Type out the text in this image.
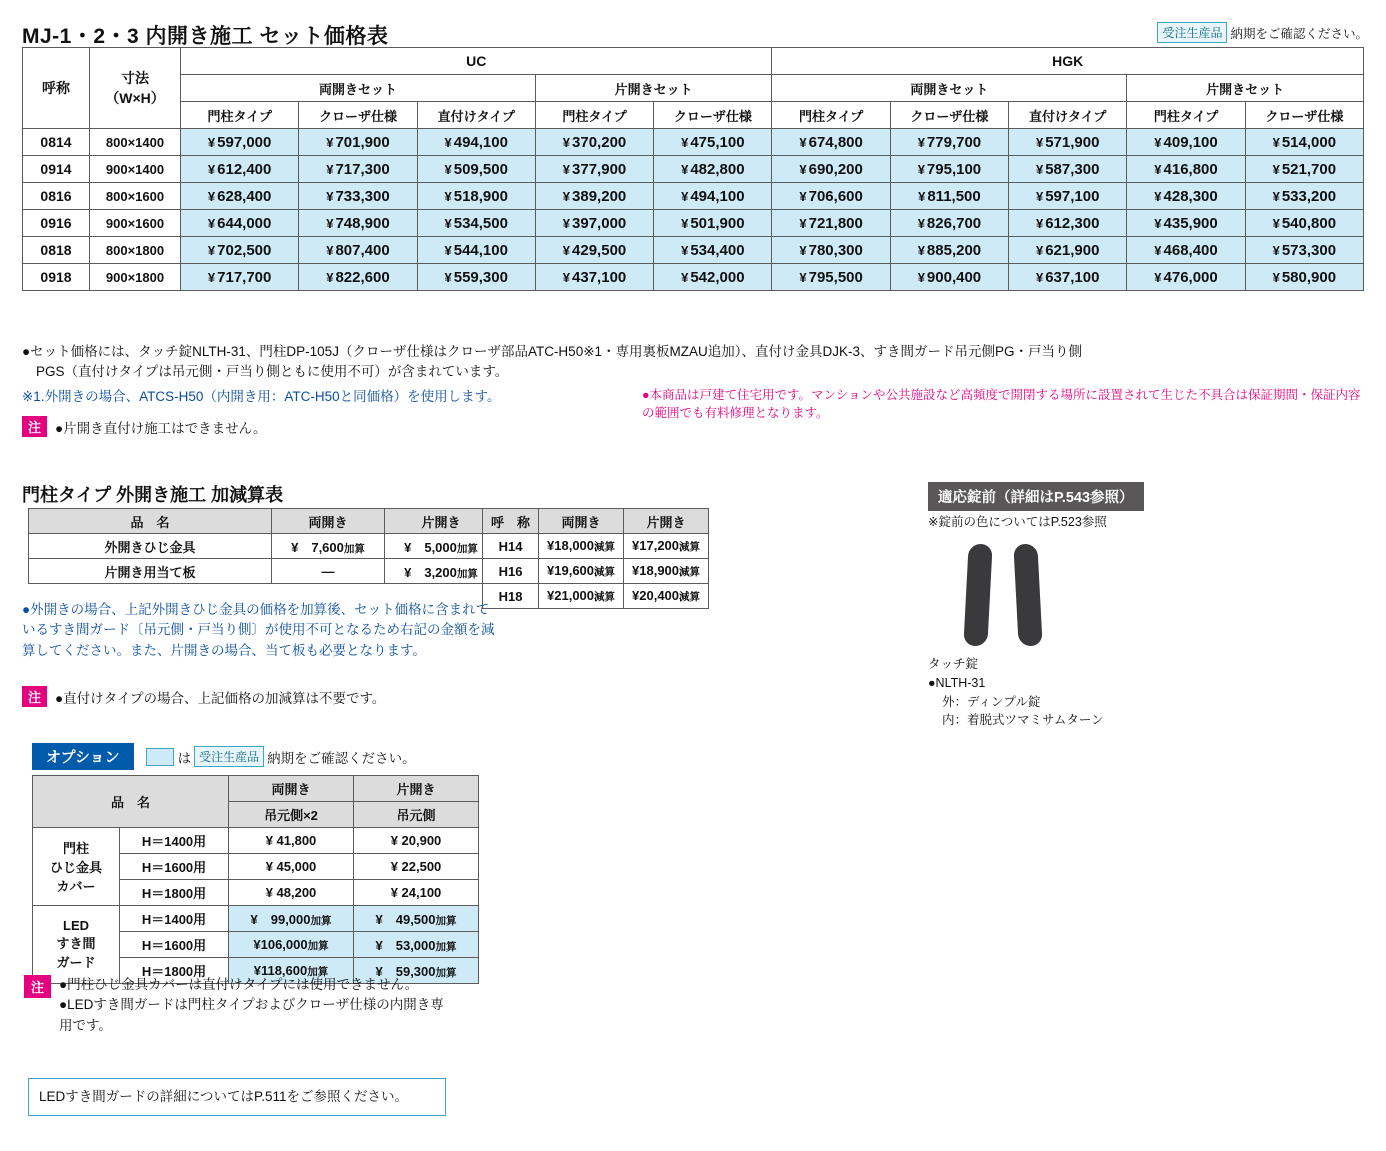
MJ-1・2・3 内開き施工 セット価格表	受注生産品 納期をご確認ください。
呼称	寸法
（W×H）	UC					HGK				
		両開きセット			片開きセット		両開きセット			片開きセット	
		門柱タイプ	クローザ仕様	直付けタイプ	門柱タイプ	クローザ仕様	門柱タイプ	クローザ仕様	直付けタイプ	門柱タイプ	クローザ仕様
0814	800×1400	¥ 597,000	¥ 701,900	¥ 494,100	¥ 370,200	¥ 475,100	¥ 674,800	¥ 779,700	¥ 571,900	¥ 409,100	¥ 514,000
0914	900×1400	¥ 612,400	¥ 717,300	¥ 509,500	¥ 377,900	¥ 482,800	¥ 690,200	¥ 795,100	¥ 587,300	¥ 416,800	¥ 521,700
0816	800×1600	¥ 628,400	¥ 733,300	¥ 518,900	¥ 389,200	¥ 494,100	¥ 706,600	¥ 811,500	¥ 597,100	¥ 428,300	¥ 533,200
0916	900×1600	¥ 644,000	¥ 748,900	¥ 534,500	¥ 397,000	¥ 501,900	¥ 721,800	¥ 826,700	¥ 612,300	¥ 435,900	¥ 540,800
0818	800×1800	¥ 702,500	¥ 807,400	¥ 544,100	¥ 429,500	¥ 534,400	¥ 780,300	¥ 885,200	¥ 621,900	¥ 468,400	¥ 573,300
0918	900×1800	¥ 717,700	¥ 822,600	¥ 559,300	¥ 437,100	¥ 542,000	¥ 795,500	¥ 900,400	¥ 637,100	¥ 476,000	¥ 580,900
●セット価格には、タッチ錠NLTH-31、門柱DP-105J（クローザ仕様はクローザ部品ATC-H50※1・専用裏板MZAU追加）、直付け金具DJK-3、すき間ガード吊元側PG・戸当り側
PGS（直付けタイプは吊元側・戸当り側ともに使用不可）が含まれています。
※1.外開きの場合、ATCS-H50（内開き用：ATC-H50と同価格）を使用します。	●本商品は戸建て住宅用です。マンションや公共施設など高頻度で開閉する場所に設置されて生じた不具合は保証期間・保証内容の範囲でも有料修理となります。
注	●片開き直付け施工はできません。
門柱タイプ 外開き施工 加減算表
品　名	両開き	片開き
外開きひじ金具	¥　7,600加算	¥　5,000加算
片開き用当て板	—	¥　3,200加算
呼　称	両開き	片開き
H14	¥18,000減算	¥17,200減算
H16	¥19,600減算	¥18,900減算
H18	¥21,000減算	¥20,400減算
●外開きの場合、上記外開きひじ金具の価格を加算後、セット価格に含まれているすき間ガード〔吊元側・戸当り側〕が使用不可となるため右記の金額を減算してください。また、片開きの場合、当て板も必要となります。
注	●直付けタイプの場合、上記価格の加減算は不要です。
オプション	は 受注生産品 納期をご確認ください。
品　名		両開き	片開き
		吊元側×2	吊元側
門柱
ひじ金具
カバー	H＝1400用	¥ 41,800	¥ 20,900
	H＝1600用	¥ 45,000	¥ 22,500
	H＝1800用	¥ 48,200	¥ 24,100
LED
すき間
ガード	H＝1400用	¥　99,000加算	¥　49,500加算
	H＝1600用	¥106,000加算	¥　53,000加算
	H＝1800用	¥118,600加算	¥　59,300加算
注	●門柱ひじ金具カバーは直付けタイプには使用できません。
●LEDすき間ガードは門柱タイプおよびクローザ仕様の内開き専用です。
LEDすき間ガードの詳細についてはP.511をご参照ください。
適応錠前（詳細はP.543参照）
※錠前の色についてはP.523参照
タッチ錠
●NLTH-31
外：ディンプル錠
内：着脱式ツマミサムターン
